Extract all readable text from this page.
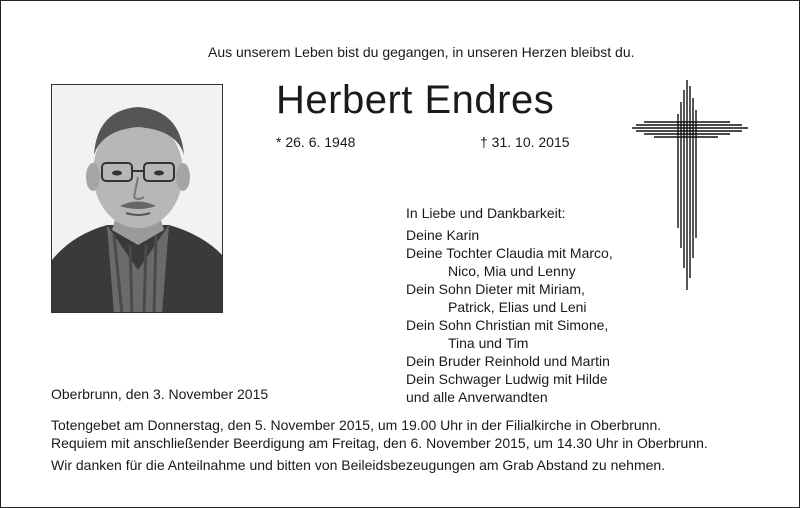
Aus unserem Leben bist du gegangen, in unseren Herzen bleibst du.
Herbert Endres
* 26. 6. 1948	† 31. 10. 2015
In Liebe und Dankbarkeit:
Deine Karin
Deine Tochter Claudia mit Marco,
Nico, Mia und Lenny
Dein Sohn Dieter mit Miriam,
Patrick, Elias und Leni
Dein Sohn Christian mit Simone,
Tina und Tim
Dein Bruder Reinhold und Martin
Dein Schwager Ludwig mit Hilde
und alle Anverwandten
Oberbrunn, den 3. November 2015
Totengebet am Donnerstag, den 5. November 2015, um 19.00 Uhr in der Filialkirche in Oberbrunn.
Requiem mit anschließender Beerdigung am Freitag, den 6. November 2015, um 14.30 Uhr in Oberbrunn.
Wir danken für die Anteilnahme und bitten von Beileidsbezeugungen am Grab Abstand zu nehmen.
